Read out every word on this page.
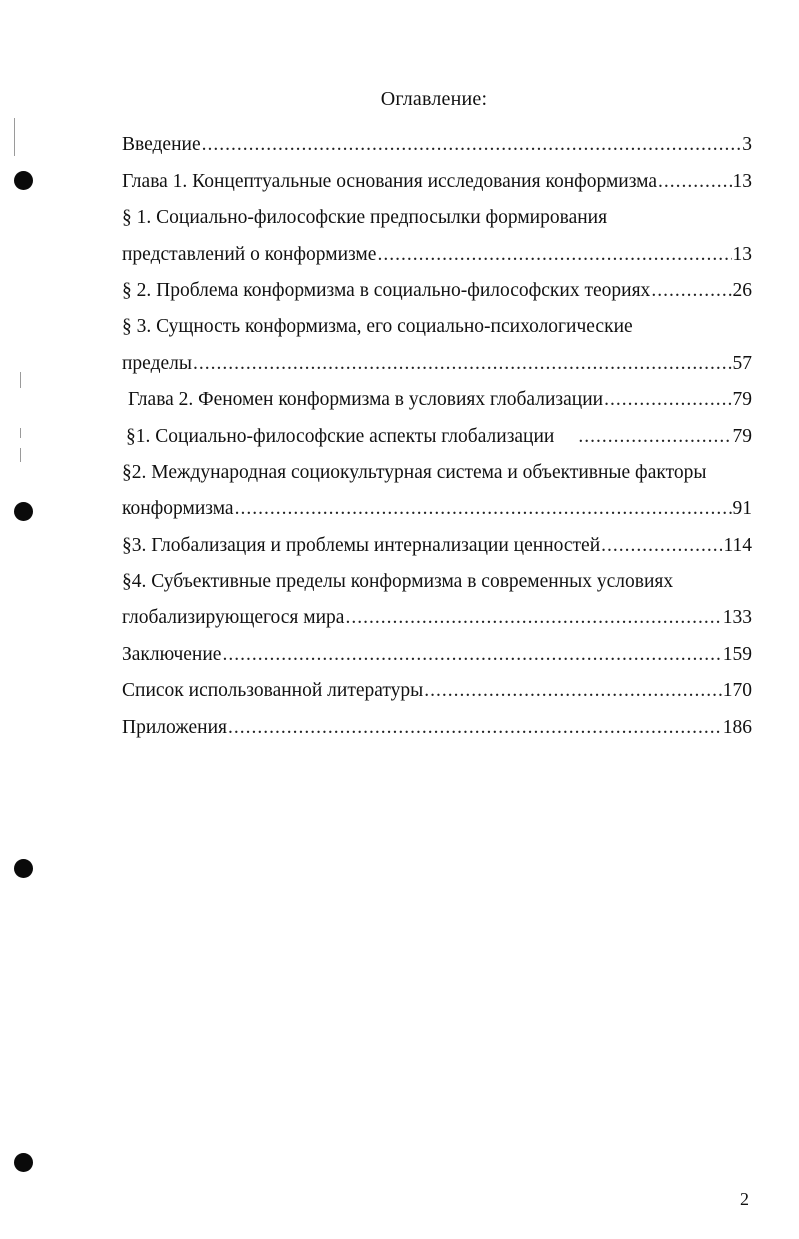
Оглавление:
Введение .....	3
Глава 1. Концептуальные основания исследования конформизма .....	13
§ 1. Социально-философские предпосылки формирования
представлений о конформизме .....	13
§ 2. Проблема конформизма в социально-философских теориях .....	26
§ 3. Сущность конформизма, его социально-психологические
пределы .....	57
Глава 2. Феномен конформизма в условиях глобализации .....	79
§1. Социально-философские аспекты глобализации .....	79
§2. Международная социокультурная система и объективные факторы
конформизма .....	91
§3. Глобализация и проблемы интернализации ценностей .....	114
§4. Субъективные пределы конформизма в современных условиях
глобализирующегося мира .....	133
Заключение .....	159
Список использованной литературы .....	170
Приложения .....	186
2
